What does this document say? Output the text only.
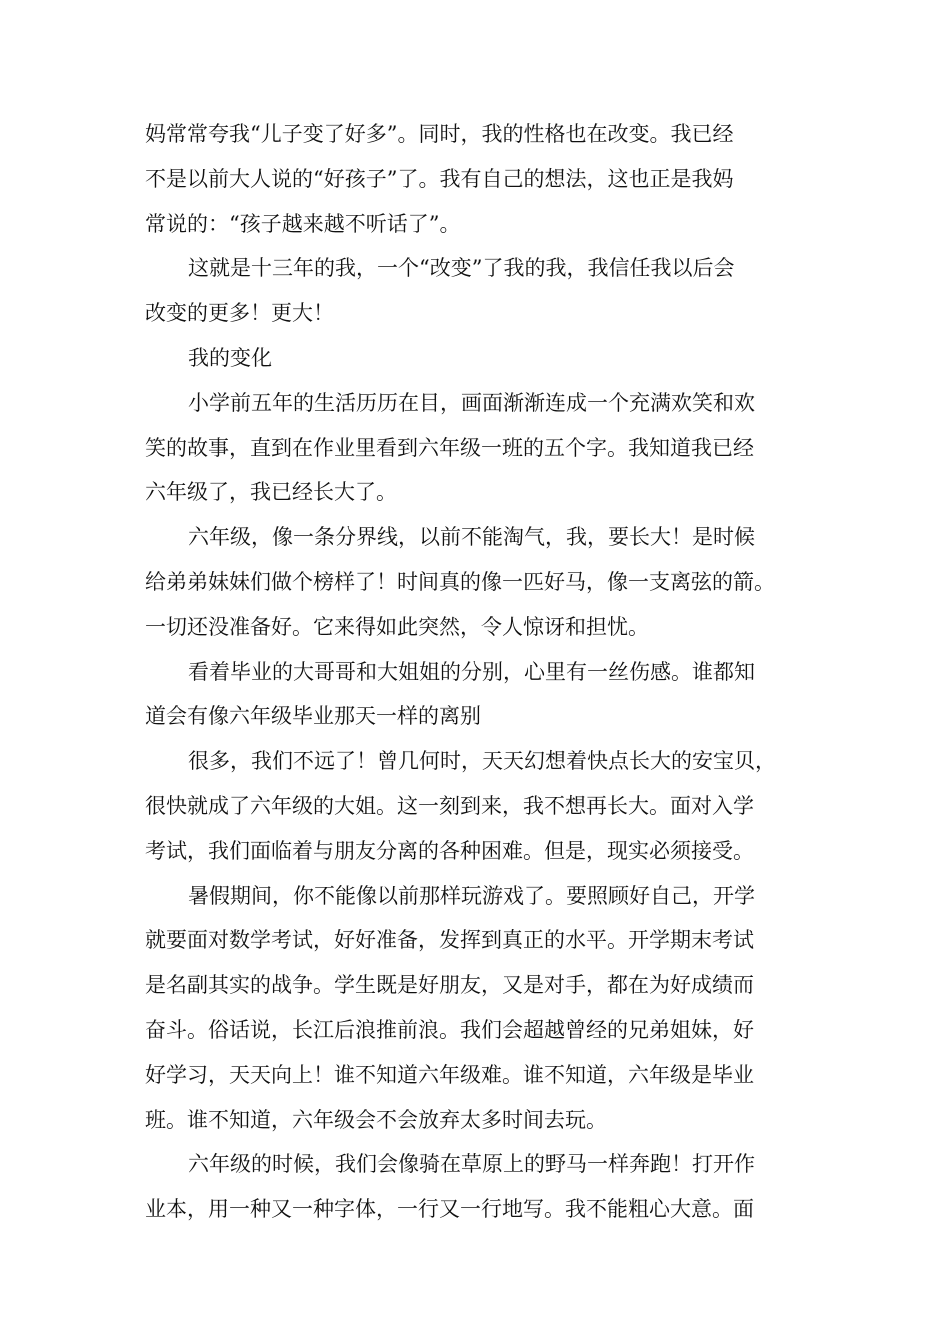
妈常常夸我“儿子变了好多”。同时，我的性格也在改变。我已经
不是以前大人说的“好孩子”了。我有自己的想法，这也正是我妈
常说的：“孩子越来越不听话了”。
这就是十三年的我，一个“改变”了我的我，我信任我以后会
改变的更多！更大！
我的变化
小学前五年的生活历历在目，画面渐渐连成一个充满欢笑和欢
笑的故事，直到在作业里看到六年级一班的五个字。我知道我已经
六年级了，我已经长大了。
六年级，像一条分界线，以前不能淘气，我，要长大！是时候
给弟弟妹妹们做个榜样了！时间真的像一匹好马，像一支离弦的箭。
一切还没准备好。它来得如此突然，令人惊讶和担忧。
看着毕业的大哥哥和大姐姐的分别，心里有一丝伤感。谁都知
道会有像六年级毕业那天一样的离别
很多，我们不远了！曾几何时，天天幻想着快点长大的安宝贝，
很快就成了六年级的大姐。这一刻到来，我不想再长大。面对入学
考试，我们面临着与朋友分离的各种困难。但是，现实必须接受。
暑假期间，你不能像以前那样玩游戏了。要照顾好自己，开学
就要面对数学考试，好好准备，发挥到真正的水平。开学期末考试
是名副其实的战争。学生既是好朋友，又是对手，都在为好成绩而
奋斗。俗话说，长江后浪推前浪。我们会超越曾经的兄弟姐妹，好
好学习，天天向上！谁不知道六年级难。谁不知道，六年级是毕业
班。谁不知道，六年级会不会放弃太多时间去玩。
六年级的时候，我们会像骑在草原上的野马一样奔跑！打开作
业本，用一种又一种字体，一行又一行地写。我不能粗心大意。面
